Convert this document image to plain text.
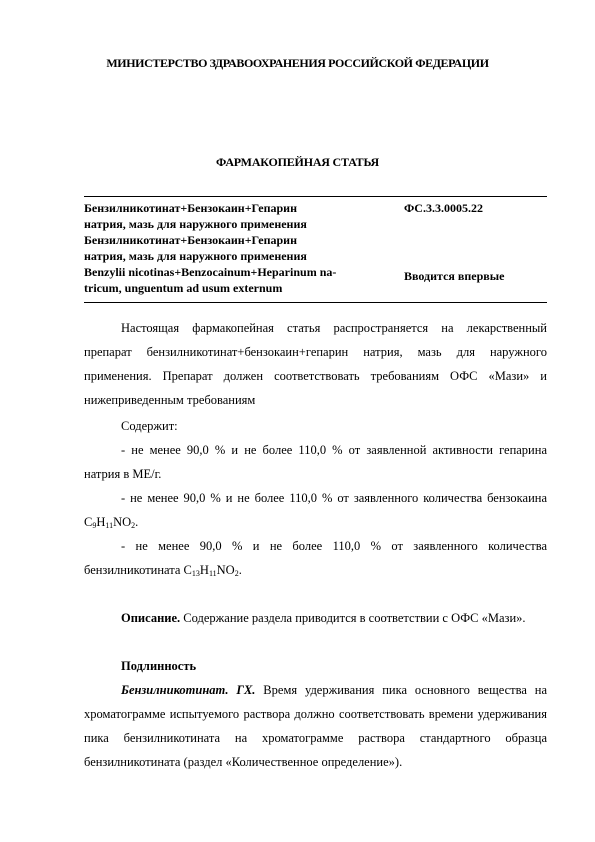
МИНИСТЕРСТВО ЗДРАВООХРАНЕНИЯ РОССИЙСКОЙ ФЕДЕРАЦИИ
ФАРМАКОПЕЙНАЯ СТАТЬЯ
Бензилникотинат+Бензокаин+Гепарин
натрия, мазь для наружного применения
Бензилникотинат+Бензокаин+Гепарин
натрия, мазь для наружного применения
Benzylii nicotinas+Benzocainum+Heparinum na-
tricum, unguentum ad usum externum
ФС.3.3.0005.22
Вводится впервые
Настоящая фармакопейная статья распространяется на лекарственный препарат бензилникотинат+бензокаин+гепарин натрия, мазь для наружного применения. Препарат должен соответствовать требованиям ОФС «Мази» и нижеприведенным требованиям
Содержит:
- не менее 90,0 % и не более 110,0 % от заявленной активности гепарина натрия в МЕ/г.
- не менее 90,0 % и не более 110,0 % от заявленного количества бензокаина $C_9H_{11}NO_2$.
- не менее 90,0 % и не более 110,0 % от заявленного количества бензилникотината $C_{13}H_{11}NO_2$.
Описание. Содержание раздела приводится в соответствии с ОФС «Мази».
Подлинность
Бензилникотинат. ГХ. Время удерживания пика основного вещества на хроматограмме испытуемого раствора должно соответствовать времени удерживания пика бензилникотината на хроматограмме раствора стандартного образца бензилникотината (раздел «Количественное определение»).
